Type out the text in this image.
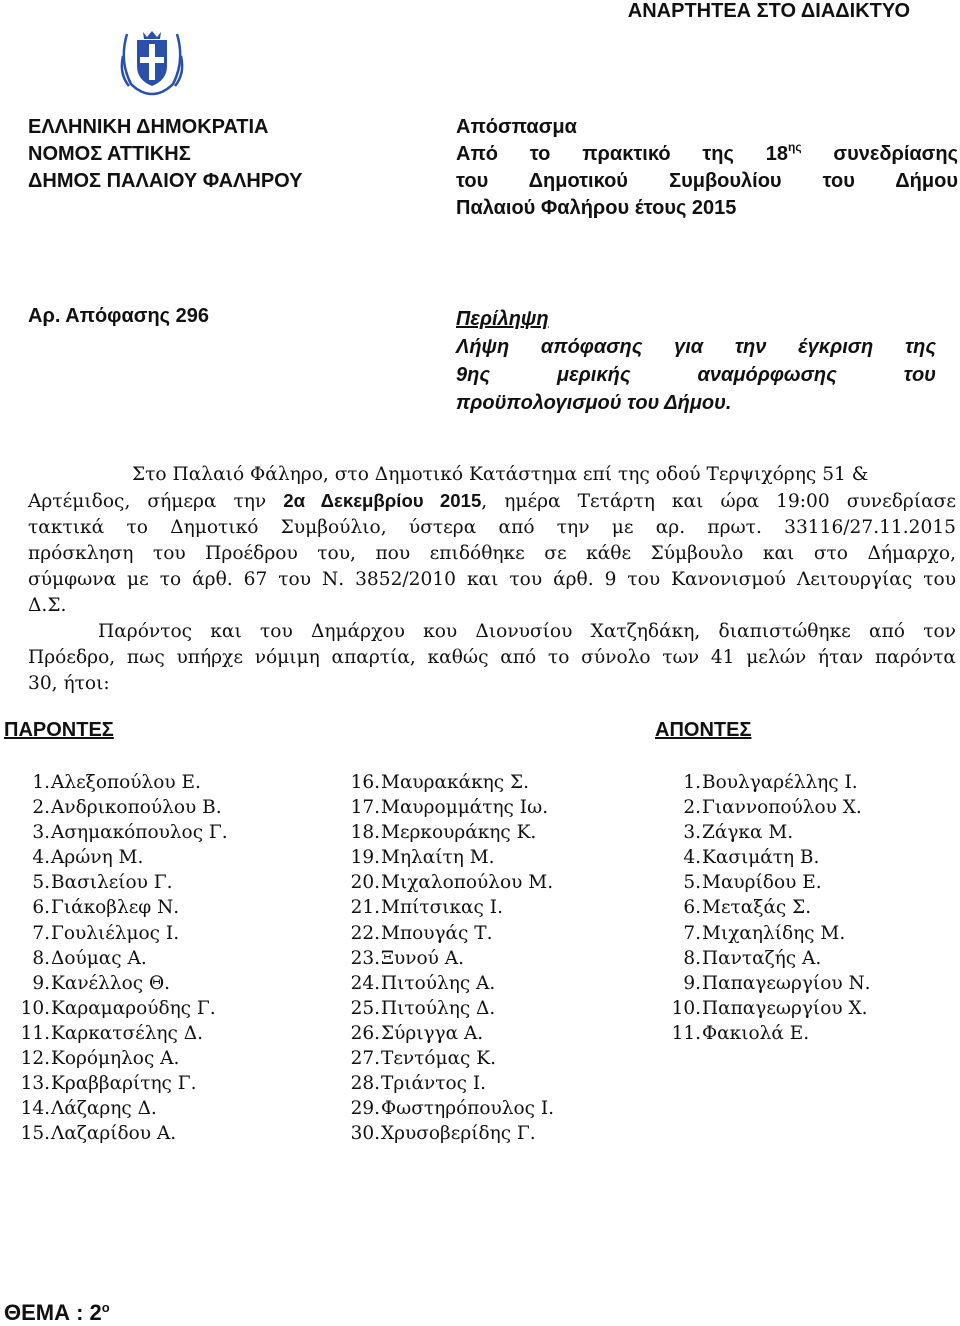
ΑΝΑΡΤΗΤΕΑ ΣΤΟ ΔΙΑΔΙΚΤΥΟ
ΕΛΛΗΝΙΚΗ ΔΗΜΟΚΡΑΤΙΑ
ΝΟΜΟΣ ΑΤΤΙΚΗΣ
ΔΗΜΟΣ ΠΑΛΑΙΟΥ ΦΑΛΗΡΟΥ
Απόσπασμα
Από το πρακτικό της $18^{\eta\varsigma}$ συνεδρίασης
του Δημοτικού Συμβουλίου του Δήμου
Παλαιού Φαλήρου έτους 2015
Αρ. Απόφασης 296	Περίληψη
Λήψη απόφασης για την έγκριση της
9ης μερικής αναμόρφωσης του
προϋπολογισμού του Δήμου.
Στο Παλαιό Φάληρο, στο Δημοτικό Κατάστημα επί της οδού Τερψιχόρης 51 &
Αρτέμιδος, σήμερα την 2α Δεκεμβρίου 2015, ημέρα Τετάρτη και ώρα 19:00 συνεδρίασε
τακτικά το Δημοτικό Συμβούλιο, ύστερα από την με αρ. πρωτ. 33116/27.11.2015
πρόσκληση του Προέδρου του, που επιδόθηκε σε κάθε Σύμβουλο και στο Δήμαρχο,
σύμφωνα με το άρθ. 67 του Ν. 3852/2010 και του άρθ. 9 του Κανονισμού Λειτουργίας του
Δ.Σ.
Παρόντος και του Δημάρχου κου Διονυσίου Χατζηδάκη, διαπιστώθηκε από τον
Πρόεδρο, πως υπήρχε νόμιμη απαρτία, καθώς από το σύνολο των 41 μελών ήταν παρόντα
30, ήτοι:
ΠΑΡΟΝΤΕΣ	ΑΠΟΝΤΕΣ
1.Αλεξοπούλου Ε.
2.Ανδρικοπούλου Β.
3.Ασημακόπουλος Γ.
4.Αρώνη Μ.
5.Βασιλείου Γ.
6.Γιάκοβλεφ Ν.
7.Γουλιέλμος Ι.
8.Δούμας Α.
9.Κανέλλος Θ.
10.Καραμαρούδης Γ.
11.Καρκατσέλης Δ.
12.Κορόμηλος Α.
13.Κραββαρίτης Γ.
14.Λάζαρης Δ.
15.Λαζαρίδου Α.
16.Μαυρακάκης Σ.
17.Μαυρομμάτης Ιω.
18.Μερκουράκης Κ.
19.Μηλαίτη Μ.
20.Μιχαλοπούλου Μ.
21.Μπίτσικας Ι.
22.Μπουγάς Τ.
23.Ξυνού Α.
24.Πιτούλης Α.
25.Πιτούλης Δ.
26.Σύριγγα Α.
27.Τεντόμας Κ.
28.Τριάντος Ι.
29.Φωστηρόπουλος Ι.
30.Χρυσοβερίδης Γ.
1.Βουλγαρέλλης Ι.
2.Γιαννοπούλου Χ.
3.Ζάγκα Μ.
4.Κασιμάτη Β.
5.Μαυρίδου Ε.
6.Μεταξάς Σ.
7.Μιχαηλίδης Μ.
8.Πανταζής Α.
9.Παπαγεωργίου Ν.
10.Παπαγεωργίου Χ.
11.Φακιολά Ε.
ΘΕΜΑ : $2^o$
